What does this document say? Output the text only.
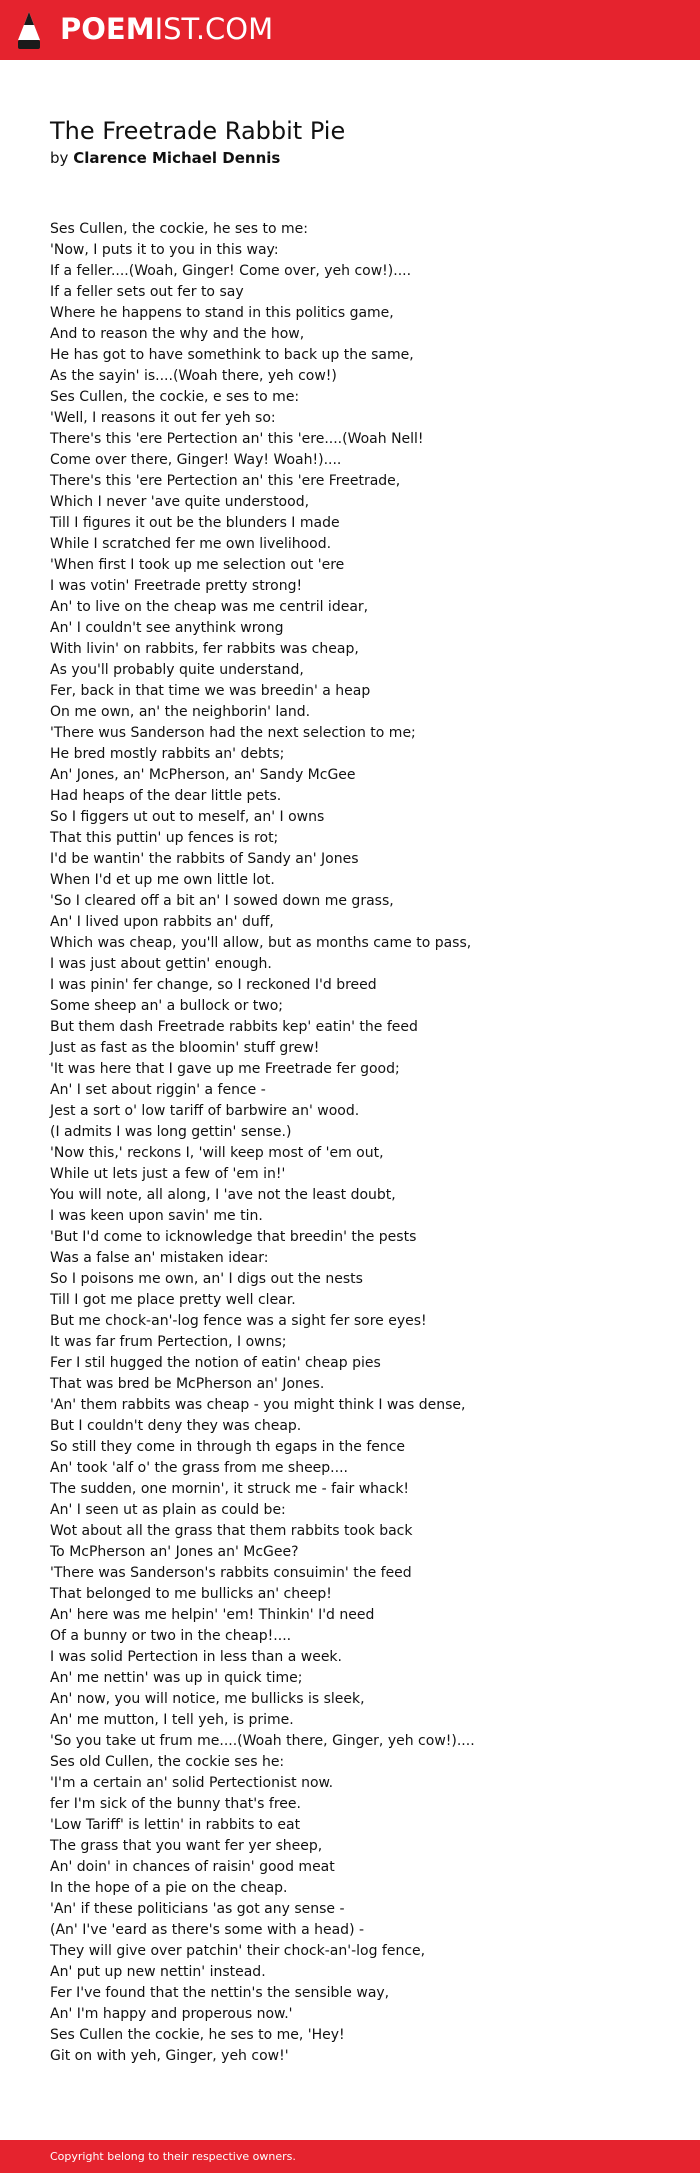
POEMIST.COM
The Freetrade Rabbit Pie
by Clarence Michael Dennis
Ses Cullen, the cockie, he ses to me:
'Now, I puts it to you in this way:
If a feller....(Woah, Ginger! Come over, yeh cow!)....
If a feller sets out fer to say
Where he happens to stand in this politics game,
And to reason the why and the how,
He has got to have somethink to back up the same,
As the sayin' is....(Woah there, yeh cow!)
Ses Cullen, the cockie, e ses to me:
'Well, I reasons it out fer yeh so:
There's this 'ere Pertection an' this 'ere....(Woah Nell!
Come over there, Ginger! Way! Woah!)....
There's this 'ere Pertection an' this 'ere Freetrade,
Which I never 'ave quite understood,
Till I figures it out be the blunders I made
While I scratched fer me own livelihood.
'When first I took up me selection out 'ere
I was votin' Freetrade pretty strong!
An' to live on the cheap was me centril idear,
An' I couldn't see anythink wrong
With livin' on rabbits, fer rabbits was cheap,
As you'll probably quite understand,
Fer, back in that time we was breedin' a heap
On me own, an' the neighborin' land.
'There wus Sanderson had the next selection to me;
He bred mostly rabbits an' debts;
An' Jones, an' McPherson, an' Sandy McGee
Had heaps of the dear little pets.
So I figgers ut out to meself, an' I owns
That this puttin' up fences is rot;
I'd be wantin' the rabbits of Sandy an' Jones
When I'd et up me own little lot.
'So I cleared off a bit an' I sowed down me grass,
An' I lived upon rabbits an' duff,
Which was cheap, you'll allow, but as months came to pass,
I was just about gettin' enough.
I was pinin' fer change, so I reckoned I'd breed
Some sheep an' a bullock or two;
But them dash Freetrade rabbits kep' eatin' the feed
Just as fast as the bloomin' stuff grew!
'It was here that I gave up me Freetrade fer good;
An' I set about riggin' a fence -
Jest a sort o' low tariff of barbwire an' wood.
(I admits I was long gettin' sense.)
'Now this,' reckons I, 'will keep most of 'em out,
While ut lets just a few of 'em in!'
You will note, all along, I 'ave not the least doubt,
I was keen upon savin' me tin.
'But I'd come to icknowledge that breedin' the pests
Was a false an' mistaken idear:
So I poisons me own, an' I digs out the nests
Till I got me place pretty well clear.
But me chock-an'-log fence was a sight fer sore eyes!
It was far frum Pertection, I owns;
Fer I stil hugged the notion of eatin' cheap pies
That was bred be McPherson an' Jones.
'An' them rabbits was cheap - you might think I was dense,
But I couldn't deny they was cheap.
So still they come in through th egaps in the fence
An' took 'alf o' the grass from me sheep....
The sudden, one mornin', it struck me - fair whack!
An' I seen ut as plain as could be:
Wot about all the grass that them rabbits took back
To McPherson an' Jones an' McGee?
'There was Sanderson's rabbits consuimin' the feed
That belonged to me bullicks an' cheep!
An' here was me helpin' 'em! Thinkin' I'd need
Of a bunny or two in the cheap!....
I was solid Pertection in less than a week.
An' me nettin' was up in quick time;
An' now, you will notice, me bullicks is sleek,
An' me mutton, I tell yeh, is prime.
'So you take ut frum me....(Woah there, Ginger, yeh cow!)....
Ses old Cullen, the cockie ses he:
'I'm a certain an' solid Pertectionist now.
fer I'm sick of the bunny that's free.
'Low Tariff' is lettin' in rabbits to eat
The grass that you want fer yer sheep,
An' doin' in chances of raisin' good meat
In the hope of a pie on the cheap.
'An' if these politicians 'as got any sense -
(An' I've 'eard as there's some with a head) -
They will give over patchin' their chock-an'-log fence,
An' put up new nettin' instead.
Fer I've found that the nettin's the sensible way,
An' I'm happy and properous now.'
Ses Cullen the cockie, he ses to me, 'Hey!
Git on with yeh, Ginger, yeh cow!'
Copyright belong to their respective owners.
